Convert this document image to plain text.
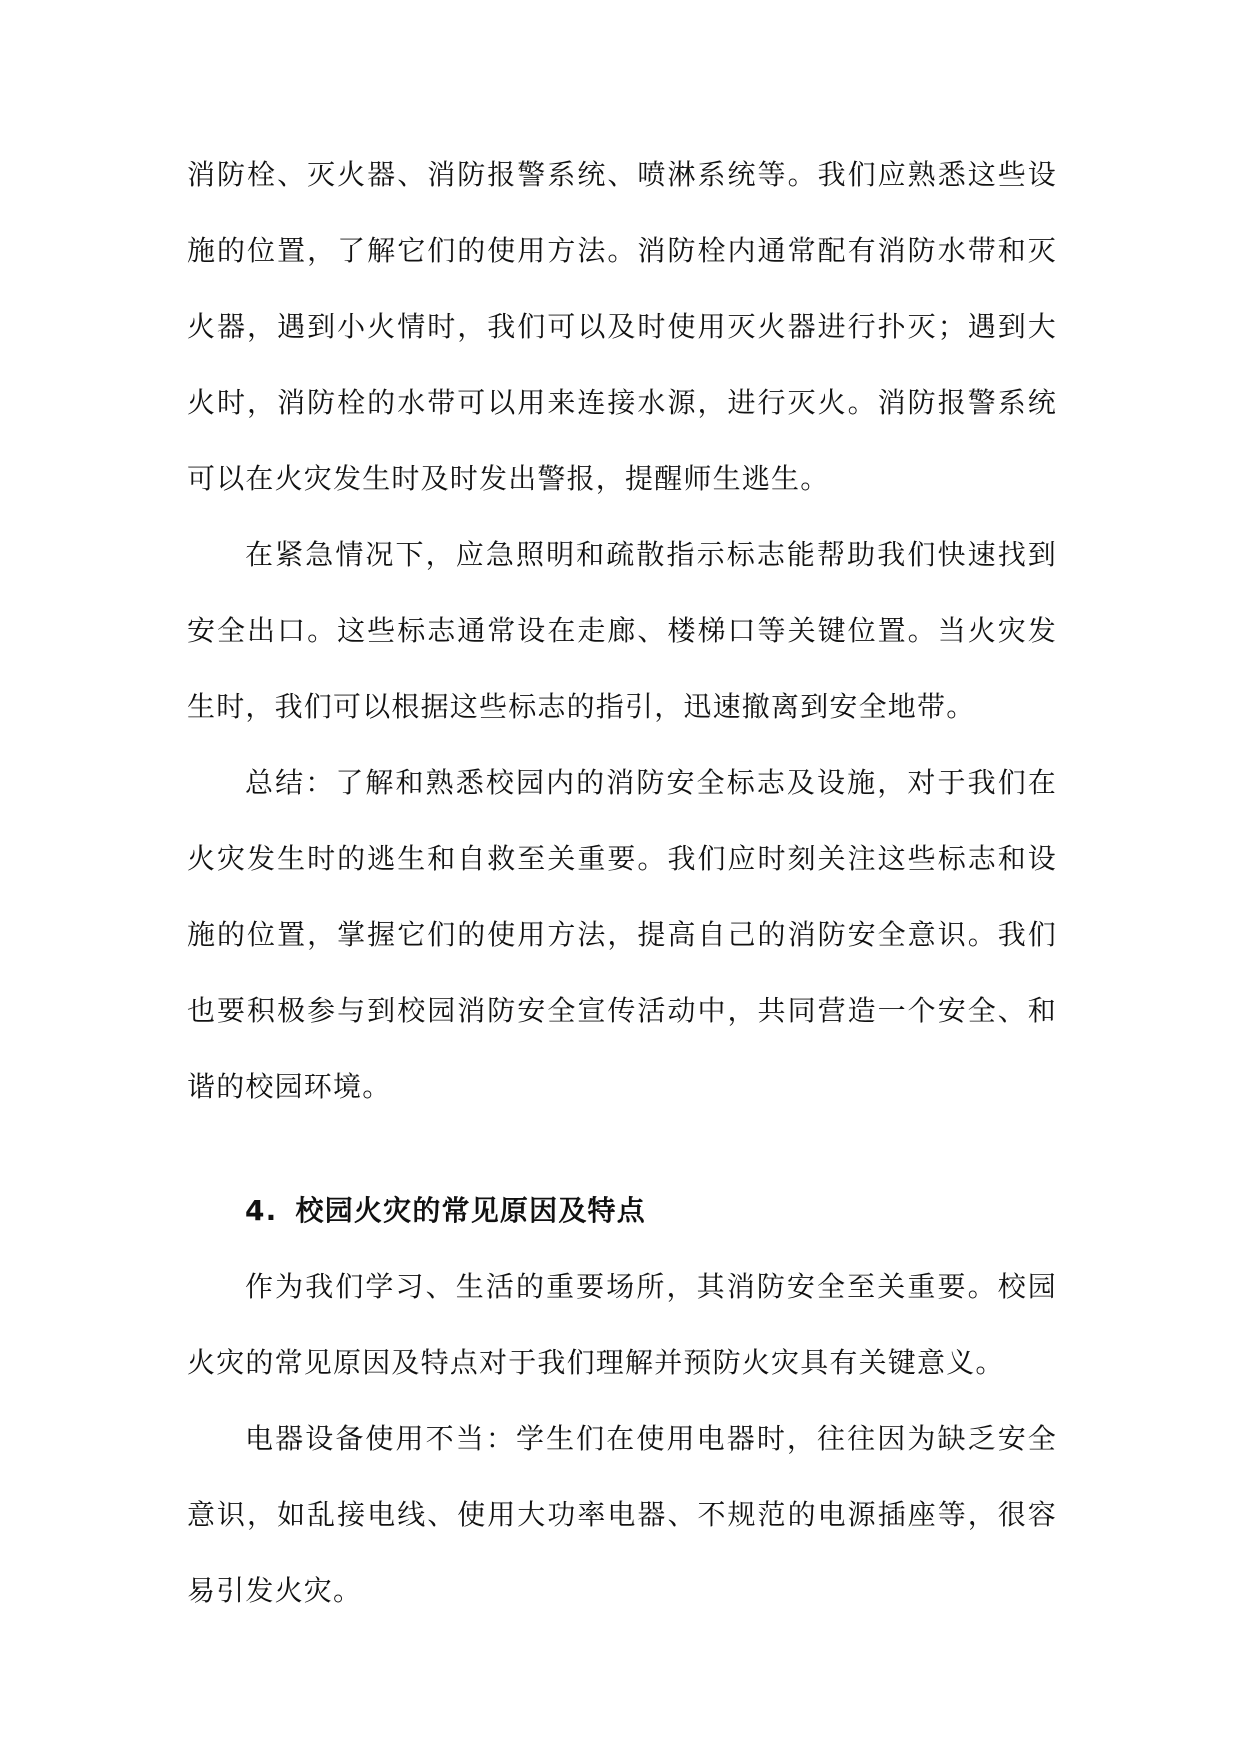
消防栓、灭火器、消防报警系统、喷淋系统等。我们应熟悉这些设施的位置，了解它们的使用方法。消防栓内通常配有消防水带和灭火器，遇到小火情时，我们可以及时使用灭火器进行扑灭；遇到大火时，消防栓的水带可以用来连接水源，进行灭火。消防报警系统可以在火灾发生时及时发出警报，提醒师生逃生。

在紧急情况下，应急照明和疏散指示标志能帮助我们快速找到安全出口。这些标志通常设在走廊、楼梯口等关键位置。当火灾发生时，我们可以根据这些标志的指引，迅速撤离到安全地带。

总结：了解和熟悉校园内的消防安全标志及设施，对于我们在火灾发生时的逃生和自救至关重要。我们应时刻关注这些标志和设施的位置，掌握它们的使用方法，提高自己的消防安全意识。我们也要积极参与到校园消防安全宣传活动中，共同营造一个安全、和谐的校园环境。

4. 校园火灾的常见原因及特点

作为我们学习、生活的重要场所，其消防安全至关重要。校园火灾的常见原因及特点对于我们理解并预防火灾具有关键意义。

电器设备使用不当：学生们在使用电器时，往往因为缺乏安全意识，如乱接电线、使用大功率电器、不规范的电源插座等，很容易引发火灾。
